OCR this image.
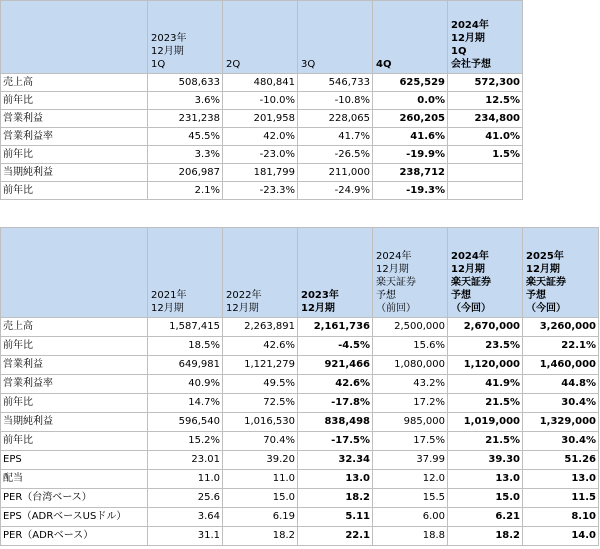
	2023年
12月期
1Q	2Q	3Q	4Q	2024年
12月期
1Q
会社予想

売上高	508,633	480,841	546,733	625,529	572,300
前年比	3.6%	-10.0%	-10.8%	0.0%	12.5%
営業利益	231,238	201,958	228,065	260,205	234,800
営業利益率	45.5%	42.0%	41.7%	41.6%	41.0%
前年比	3.3%	-23.0%	-26.5%	-19.9%	1.5%
当期純利益	206,987	181,799	211,000	238,712	
前年比	2.1%	-23.3%	-24.9%	-19.3%	

	2021年
12月期	2022年
12月期	2023年
12月期	2024年
12月期
楽天証券
予想
（前回）	2024年
12月期
楽天証券
予想
（今回）	2025年
12月期
楽天証券
予想
（今回）

売上高	1,587,415	2,263,891	2,161,736	2,500,000	2,670,000	3,260,000
前年比	18.5%	42.6%	-4.5%	15.6%	23.5%	22.1%
営業利益	649,981	1,121,279	921,466	1,080,000	1,120,000	1,460,000
営業利益率	40.9%	49.5%	42.6%	43.2%	41.9%	44.8%
前年比	14.7%	72.5%	-17.8%	17.2%	21.5%	30.4%
当期純利益	596,540	1,016,530	838,498	985,000	1,019,000	1,329,000
前年比	15.2%	70.4%	-17.5%	17.5%	21.5%	30.4%
EPS	23.01	39.20	32.34	37.99	39.30	51.26
配当	11.0	11.0	13.0	12.0	13.0	13.0
PER（台湾ベース）	25.6	15.0	18.2	15.5	15.0	11.5
EPS（ADRベースUSドル）	3.64	6.19	5.11	6.00	6.21	8.10
PER（ADRベース）	31.1	18.2	22.1	18.8	18.2	14.0
